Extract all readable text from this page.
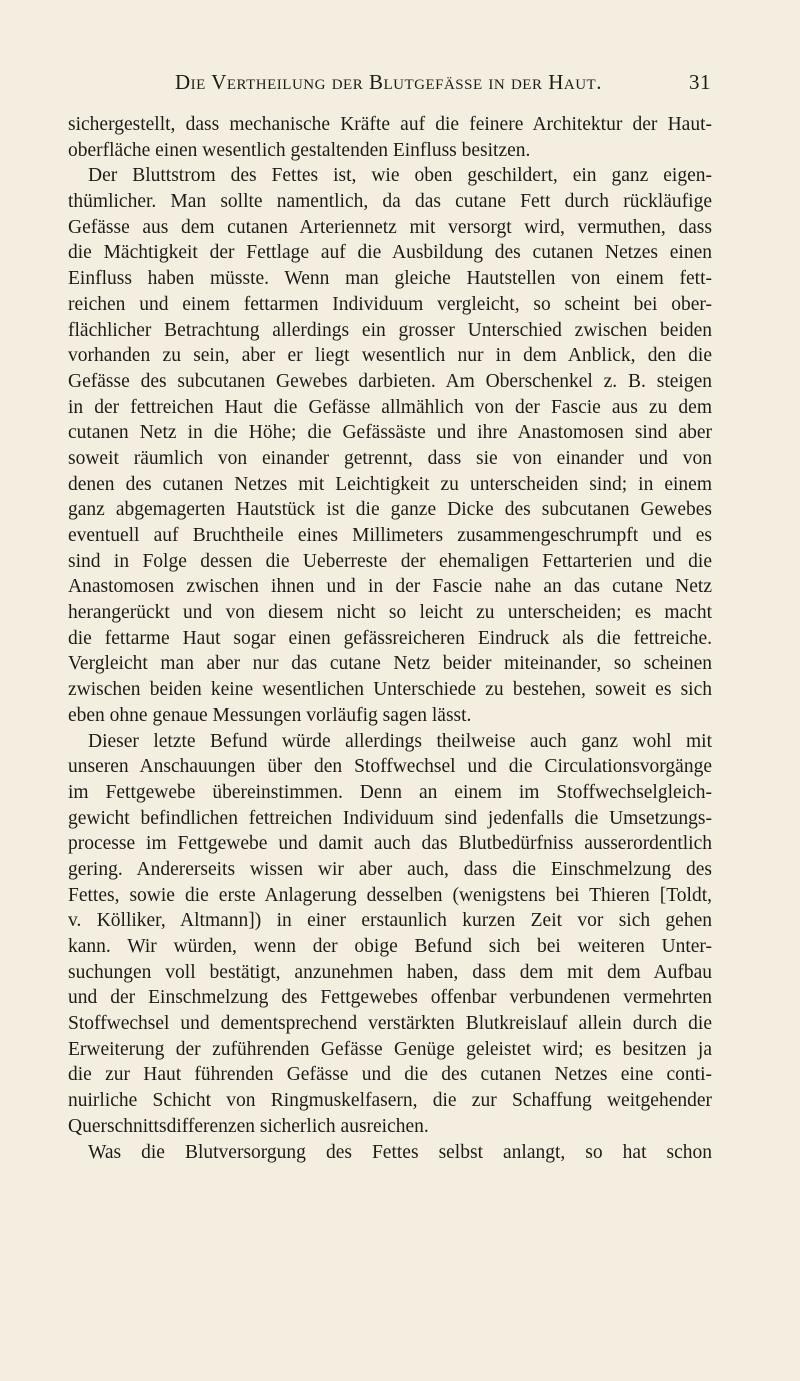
Die Vertheilung der Blutgefässe in der Haut.	31
sichergestellt, dass mechanische Kräfte auf die feinere Architektur der Haut-
oberfläche einen wesentlich gestaltenden Einfluss besitzen.
Der Bluttstrom des Fettes ist, wie oben geschildert, ein ganz eigen-
thümlicher. Man sollte namentlich, da das cutane Fett durch rückläufige
Gefässe aus dem cutanen Arteriennetz mit versorgt wird, vermuthen, dass
die Mächtigkeit der Fettlage auf die Ausbildung des cutanen Netzes einen
Einfluss haben müsste. Wenn man gleiche Hautstellen von einem fett-
reichen und einem fettarmen Individuum vergleicht, so scheint bei ober-
flächlicher Betrachtung allerdings ein grosser Unterschied zwischen beiden
vorhanden zu sein, aber er liegt wesentlich nur in dem Anblick, den die
Gefässe des subcutanen Gewebes darbieten. Am Oberschenkel z. B. steigen
in der fettreichen Haut die Gefässe allmählich von der Fascie aus zu dem
cutanen Netz in die Höhe; die Gefässäste und ihre Anastomosen sind aber
soweit räumlich von einander getrennt, dass sie von einander und von
denen des cutanen Netzes mit Leichtigkeit zu unterscheiden sind; in einem
ganz abgemagerten Hautstück ist die ganze Dicke des subcutanen Gewebes
eventuell auf Bruchtheile eines Millimeters zusammengeschrumpft und es
sind in Folge dessen die Ueberreste der ehemaligen Fettarterien und die
Anastomosen zwischen ihnen und in der Fascie nahe an das cutane Netz
herangerückt und von diesem nicht so leicht zu unterscheiden; es macht
die fettarme Haut sogar einen gefässreicheren Eindruck als die fettreiche.
Vergleicht man aber nur das cutane Netz beider miteinander, so scheinen
zwischen beiden keine wesentlichen Unterschiede zu bestehen, soweit es sich
eben ohne genaue Messungen vorläufig sagen lässt.
Dieser letzte Befund würde allerdings theilweise auch ganz wohl mit
unseren Anschauungen über den Stoffwechsel und die Circulationsvorgänge
im Fettgewebe übereinstimmen. Denn an einem im Stoffwechselgleich-
gewicht befindlichen fettreichen Individuum sind jedenfalls die Umsetzungs-
processe im Fettgewebe und damit auch das Blutbedürfniss ausserordentlich
gering. Andererseits wissen wir aber auch, dass die Einschmelzung des
Fettes, sowie die erste Anlagerung desselben (wenigstens bei Thieren [Toldt,
v. Kölliker, Altmann]) in einer erstaunlich kurzen Zeit vor sich gehen
kann. Wir würden, wenn der obige Befund sich bei weiteren Unter-
suchungen voll bestätigt, anzunehmen haben, dass dem mit dem Aufbau
und der Einschmelzung des Fettgewebes offenbar verbundenen vermehrten
Stoffwechsel und dementsprechend verstärkten Blutkreislauf allein durch die
Erweiterung der zuführenden Gefässe Genüge geleistet wird; es besitzen ja
die zur Haut führenden Gefässe und die des cutanen Netzes eine conti-
nuirliche Schicht von Ringmuskelfasern, die zur Schaffung weitgehender
Querschnittsdifferenzen sicherlich ausreichen.
Was die Blutversorgung des Fettes selbst anlangt, so hat schon
